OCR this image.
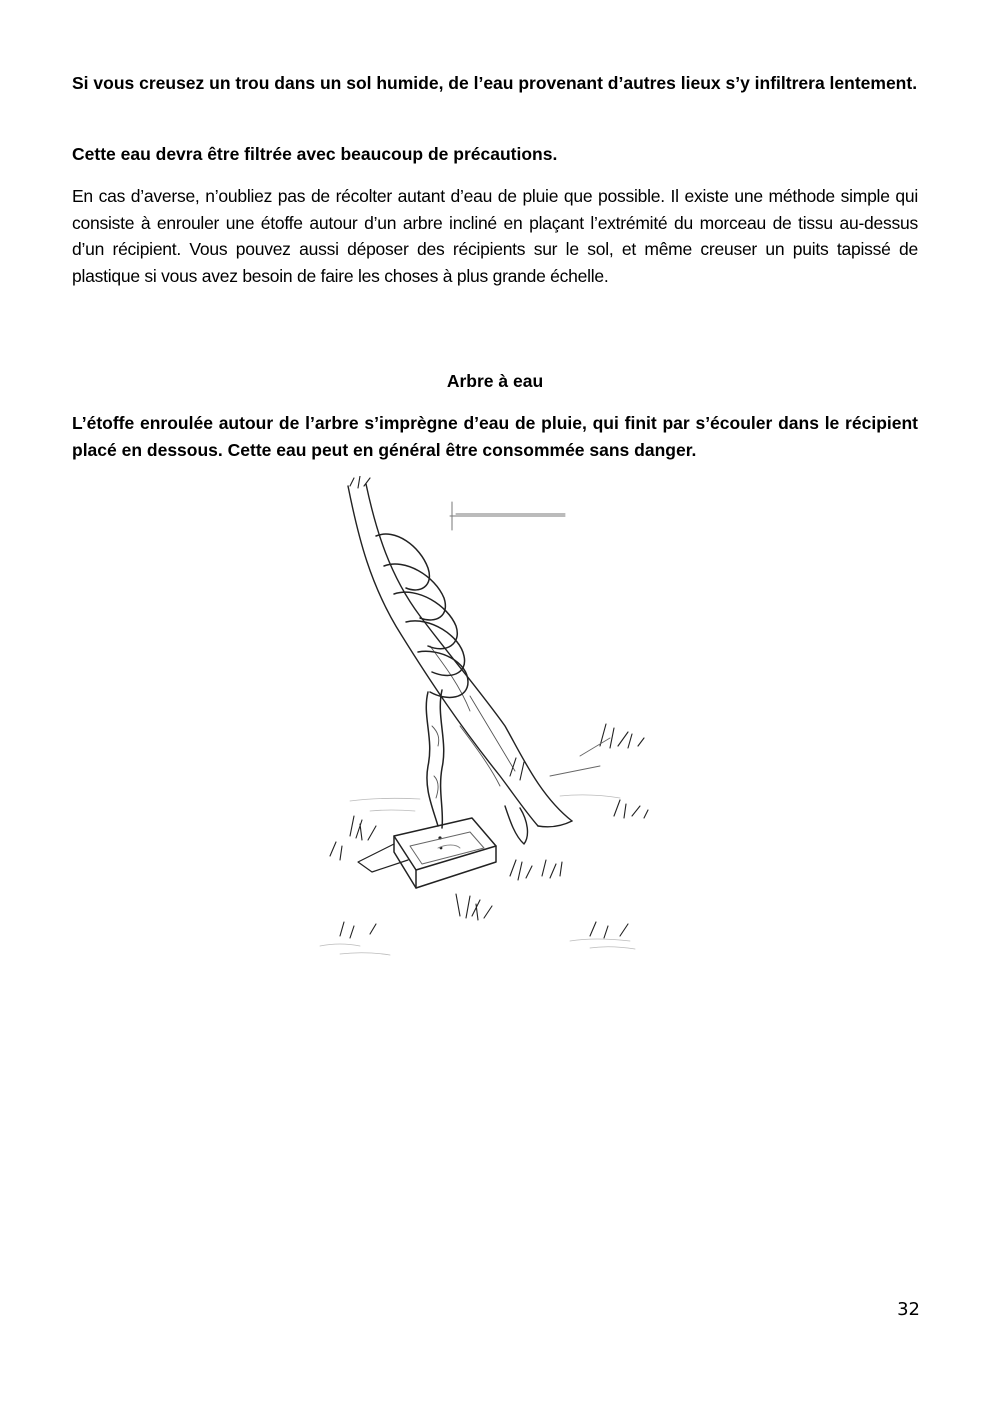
Si vous creusez un trou dans un sol humide, de l’eau provenant d’autres lieux s’y infiltrera lentement.

Cette eau devra être filtrée avec beaucoup de précautions.

En cas d’averse, n’oubliez pas de récolter autant d’eau de pluie que possible. Il existe une méthode simple qui consiste à enrouler une étoffe autour d’un arbre incliné en plaçant l’extrémité du morceau de tissu au-dessus d’un récipient. Vous pouvez aussi déposer des récipients sur le sol, et même creuser un puits tapissé de plastique si vous avez besoin de faire les choses à plus grande échelle.

Arbre à eau

L’étoffe enroulée autour de l’arbre s’imprègne d’eau de pluie, qui finit par s’écouler dans le récipient placé en dessous. Cette eau peut en général être consommée sans danger.

32
